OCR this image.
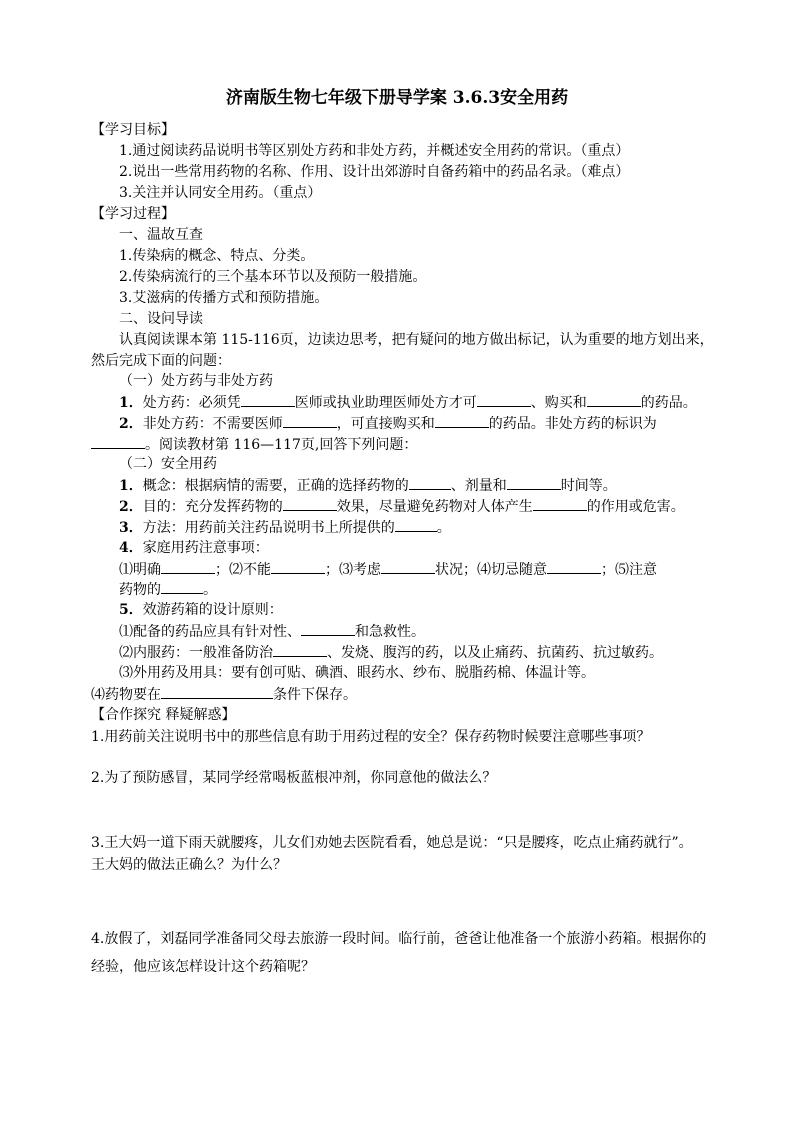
济南版生物七年级下册导学案 3.6.3安全用药
【学习目标】
1.通过阅读药品说明书等区别处方药和非处方药，并概述安全用药的常识。（重点）
2.说出一些常用药物的名称、作用、设计出郊游时自备药箱中的药品名录。（难点）
3.关注并认同安全用药。（重点）
【学习过程】
一、温故互查
1.传染病的概念、特点、分类。
2.传染病流行的三个基本环节以及预防一般措施。
3.艾滋病的传播方式和预防措施。
二、设问导读
认真阅读课本第 115-116页，边读边思考，把有疑问的地方做出标记，认为重要的地方划出来，
然后完成下面的问题：
（一）处方药与非处方药
1．处方药：必须凭	医师或执业助理医师处方才可	、购买和	的药品。
2．非处方药：不需要医师	，可直接购买和	的药品。非处方药的标识为
。阅读教材第 116—117页,回答下列问题：
（二）安全用药
1．概念：根据病情的需要，正确的选择药物的	、剂量和	时间等。
2．目的：充分发挥药物的	效果，尽量避免药物对人体产生	的作用或危害。
3．方法：用药前关注药品说明书上所提供的	。
4．家庭用药注意事项：
⑴明确	；⑵不能	；⑶考虑	状况；⑷切忌随意	；⑸注意
药物的	。
5．效游药箱的设计原则：
⑴配备的药品应具有针对性、	和急救性。
⑵内服药：一般准备防治	、发烧、腹泻的药，以及止痛药、抗菌药、抗过敏药。
⑶外用药及用具：要有创可贴、碘酒、眼药水、纱布、脱脂药棉、体温计等。
⑷药物要在	条件下保存。
【合作探究 释疑解惑】
1.用药前关注说明书中的那些信息有助于用药过程的安全？保存药物时候要注意哪些事项？
2.为了预防感冒，某同学经常喝板蓝根冲剂，你同意他的做法么？
3.王大妈一道下雨天就腰疼，儿女们劝她去医院看看，她总是说：“只是腰疼，吃点止痛药就行”。
王大妈的做法正确么？为什么？
4.放假了，刘磊同学准备同父母去旅游一段时间。临行前，爸爸让他准备一个旅游小药箱。根据你的
经验，他应该怎样设计这个药箱呢？
